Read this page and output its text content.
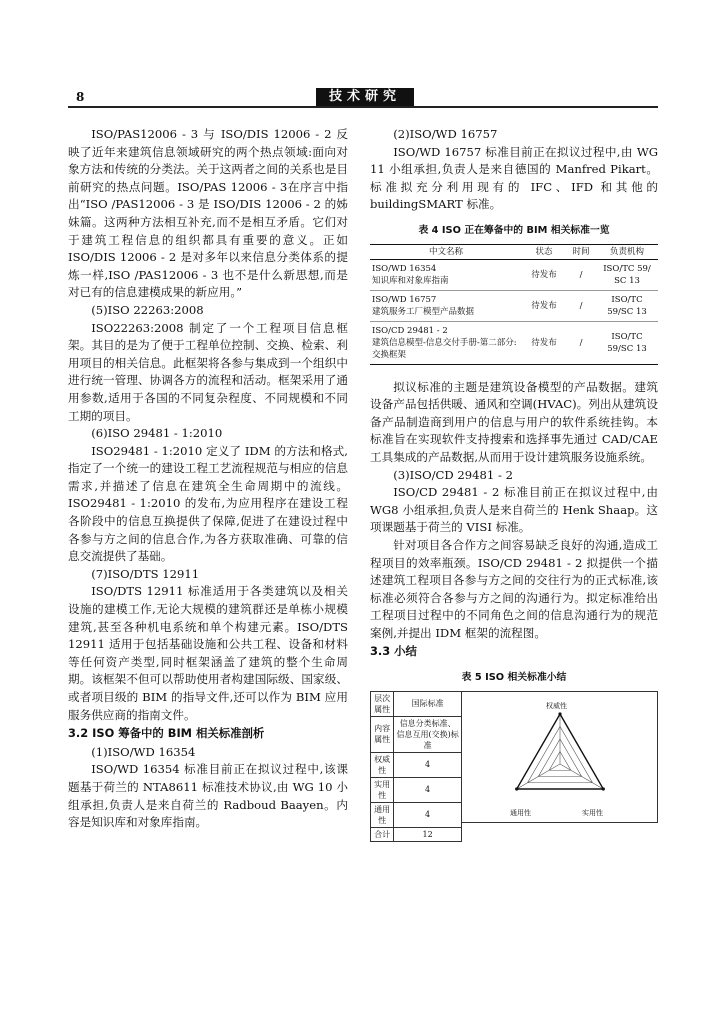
8	技术研究

ISO/PAS12006 - 3 与 ISO/DIS 12006 - 2 反映了近年来建筑信息领域研究的两个热点领域:面向对象方法和传统的分类法。关于这两者之间的关系也是目前研究的热点问题。ISO/PAS 12006 - 3在序言中指出“ISO /PAS12006 - 3 是 ISO/DIS 12006 - 2 的姊妹篇。这两种方法相互补充,而不是相互矛盾。它们对于建筑工程信息的组织都具有重要的意义。正如ISO/DIS 12006 - 2 是对多年以来信息分类体系的提炼一样,ISO /PAS12006 - 3 也不是什么新思想,而是对已有的信息建模成果的新应用。”

(5)ISO 22263:2008

ISO22263:2008 制定了一个工程项目信息框架。其目的是为了便于工程单位控制、交换、检索、利用项目的相关信息。此框架将各参与集成到一个组织中进行统一管理、协调各方的流程和活动。框架采用了通用参数,适用于各国的不同复杂程度、不同规模和不同工期的项目。

(6)ISO 29481 - 1:2010

ISO29481 - 1:2010 定义了 IDM 的方法和格式,指定了一个统一的建设工程工艺流程规范与相应的信息需求,并描述了信息在建筑全生命周期中的流线。ISO29481 - 1:2010 的发布,为应用程序在建设工程各阶段中的信息互换提供了保障,促进了在建设过程中各参与方之间的信息合作,为各方获取准确、可靠的信息交流提供了基础。

(7)ISO/DTS 12911

ISO/DTS 12911 标准适用于各类建筑以及相关设施的建模工作,无论大规模的建筑群还是单栋小规模建筑,甚至各种机电系统和单个构建元素。ISO/DTS 12911 适用于包括基础设施和公共工程、设备和材料等任何资产类型,同时框架涵盖了建筑的整个生命周期。该框架不但可以帮助使用者构建国际级、国家级、或者项目级的 BIM 的指导文件,还可以作为 BIM 应用服务供应商的指南文件。

3.2 ISO 筹备中的 BIM 相关标准剖析

(1)ISO/WD 16354

ISO/WD 16354 标准目前正在拟议过程中,该课题基于荷兰的 NTA8611 标准技术协议,由 WG 10 小组承担,负责人是来自荷兰的 Radboud Baayen。内容是知识库和对象库指南。

(2)ISO/WD 16757

ISO/WD 16757 标准目前正在拟议过程中,由 WG 11 小组承担,负责人是来自德国的 Manfred Pikart。标准拟充分利用现有的 IFC、IFD 和其他的 buildingSMART 标准。

表 4 ISO 正在筹备中的 BIM 相关标准一览
中文名称	状态	时间	负责机构
ISO/WD 16354
知识库和对象库指南	待发布	/	ISO/TC 59/ SC 13
ISO/WD 16757
建筑服务工厂模型产品数据	待发布	/	ISO/TC 59/SC 13
ISO/CD 29481 - 2
建筑信息模型-信息交付手册-第二部分:交换框架	待发布	/	ISO/TC 59/SC 13

拟议标准的主题是建筑设备模型的产品数据。建筑设备产品包括供暖、通风和空调(HVAC)。列出从建筑设备产品制造商到用户的信息与用户的软件系统挂钩。本标准旨在实现软件支持搜索和选择事先通过 CAD/CAE 工具集成的产品数据,从而用于设计建筑服务设施系统。

(3)ISO/CD 29481 - 2

ISO/CD 29481 - 2 标准目前正在拟议过程中,由 WG8 小组承担,负责人是来自荷兰的 Henk Shaap。这项课题基于荷兰的 VISI 标准。

针对项目各合作方之间容易缺乏良好的沟通,造成工程项目的效率瓶颈。ISO/CD 29481 - 2 拟提供一个描述建筑工程项目各参与方之间的交往行为的正式标准,该标准必须符合各参与方之间的沟通行为。拟定标准给出工程项目过程中的不同角色之间的信息沟通行为的规范案例,并提出 IDM 框架的流程图。

3.3 小结

表 5 ISO 相关标准小结
层次属性	国际标准
内容属性	信息分类标准、信息互用(交换)标准
权威性	4
实用性	4
通用性	4
合计	12
权威性
实用性
通用性
